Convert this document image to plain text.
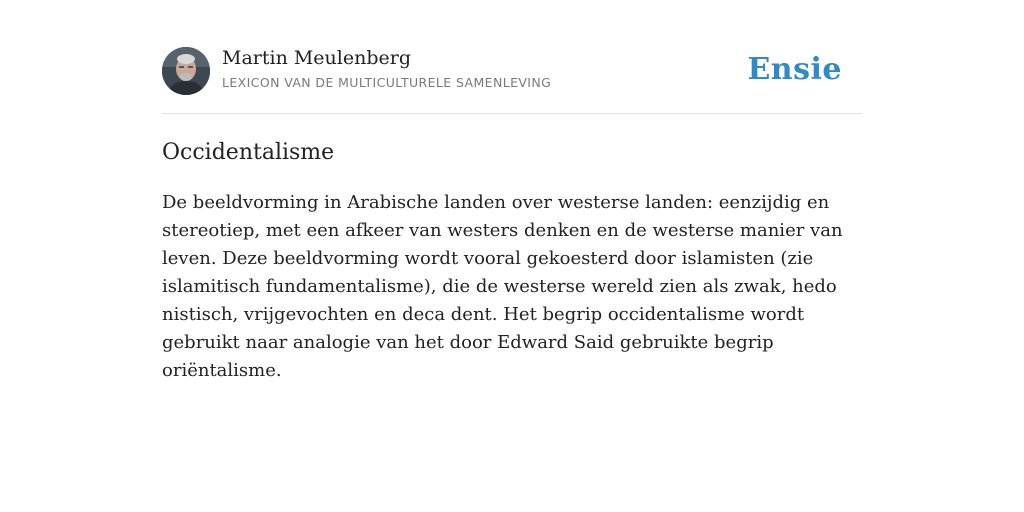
Martin Meulenberg
LEXICON VAN DE MULTICULTURELE SAMENLEVING	Ensie
Occidentalisme
De beeldvorming in Arabische landen over westerse landen: eenzijdig en stereotiep, met een afkeer van westers denken en de westerse manier van leven. Deze beeldvorming wordt vooral gekoesterd door islamisten (zie islamitisch fundamentalisme), die de westerse wereld zien als zwak, hedo nistisch, vrijgevochten en deca dent. Het begrip occidentalisme wordt gebruikt naar analogie van het door Edward Said gebruikte begrip oriëntalisme.
